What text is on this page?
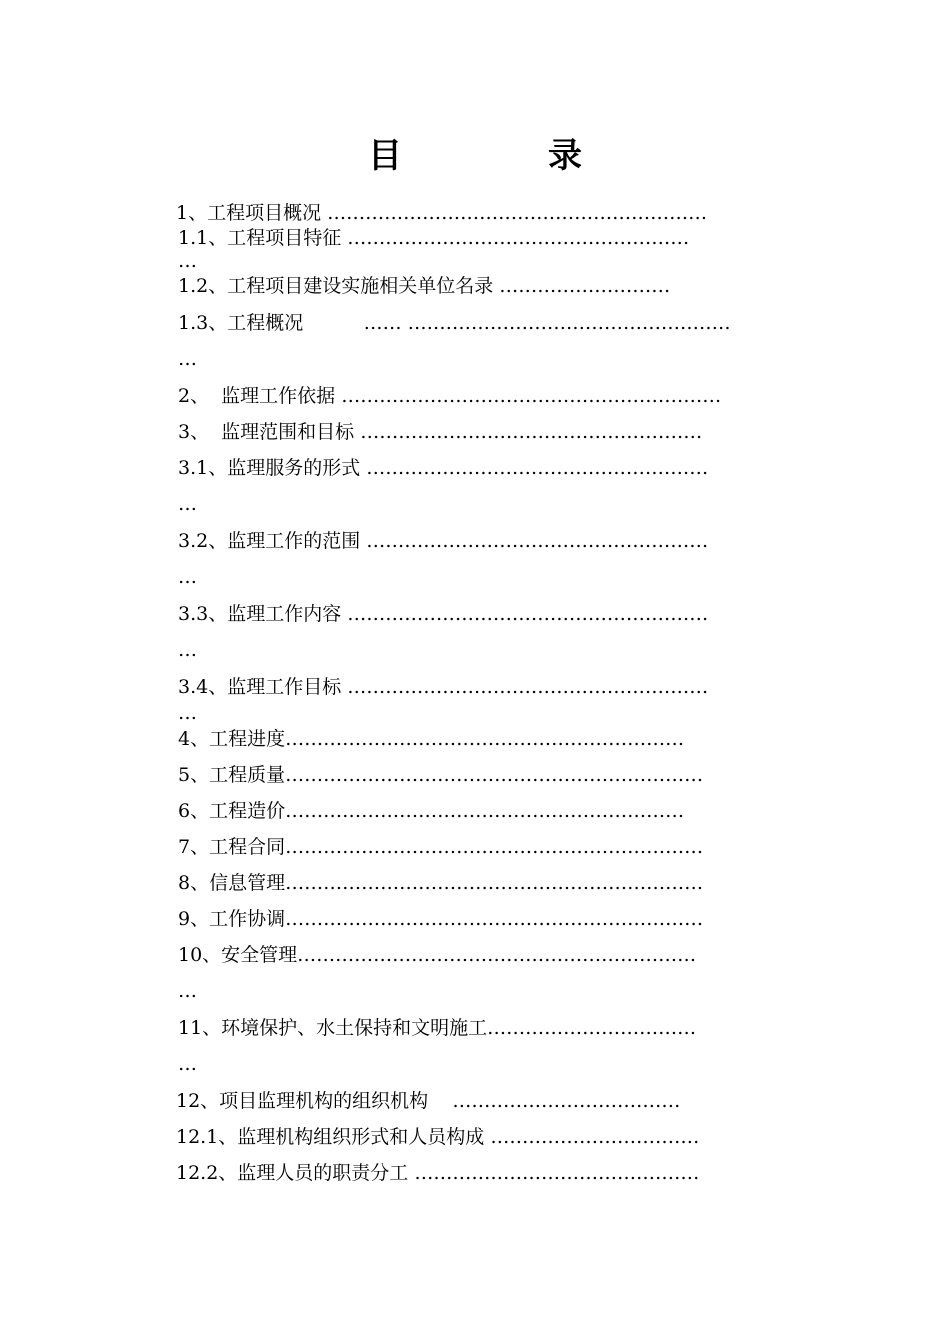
目　录
1、工程项目概况 ……………………………………………………
1.1、工程项目特征 ………………………………………………
…
1.2、工程项目建设实施相关单位名录 ………………………
1.3、工程概况          …… ……………………………………………
…
2、  监理工作依据 ……………………………………………………
3、  监理范围和目标 ………………………………………………
3.1、监理服务的形式 ………………………………………………
…
3.2、监理工作的范围 ………………………………………………
…
3.3、监理工作内容 …………………………………………………
…
3.4、监理工作目标 …………………………………………………
…
4、工程进度………………………………………………………
5、工程质量…………………………………………………………
6、工程造价………………………………………………………
7、工程合同…………………………………………………………
8、信息管理…………………………………………………………
9、工作协调…………………………………………………………
10、安全管理………………………………………………………
…
11、环境保护、水土保持和文明施工……………………………
…
12、项目监理机构的组织机构    ………………………………
12.1、监理机构组织形式和人员构成 ……………………………
12.2、监理人员的职责分工 ………………………………………
